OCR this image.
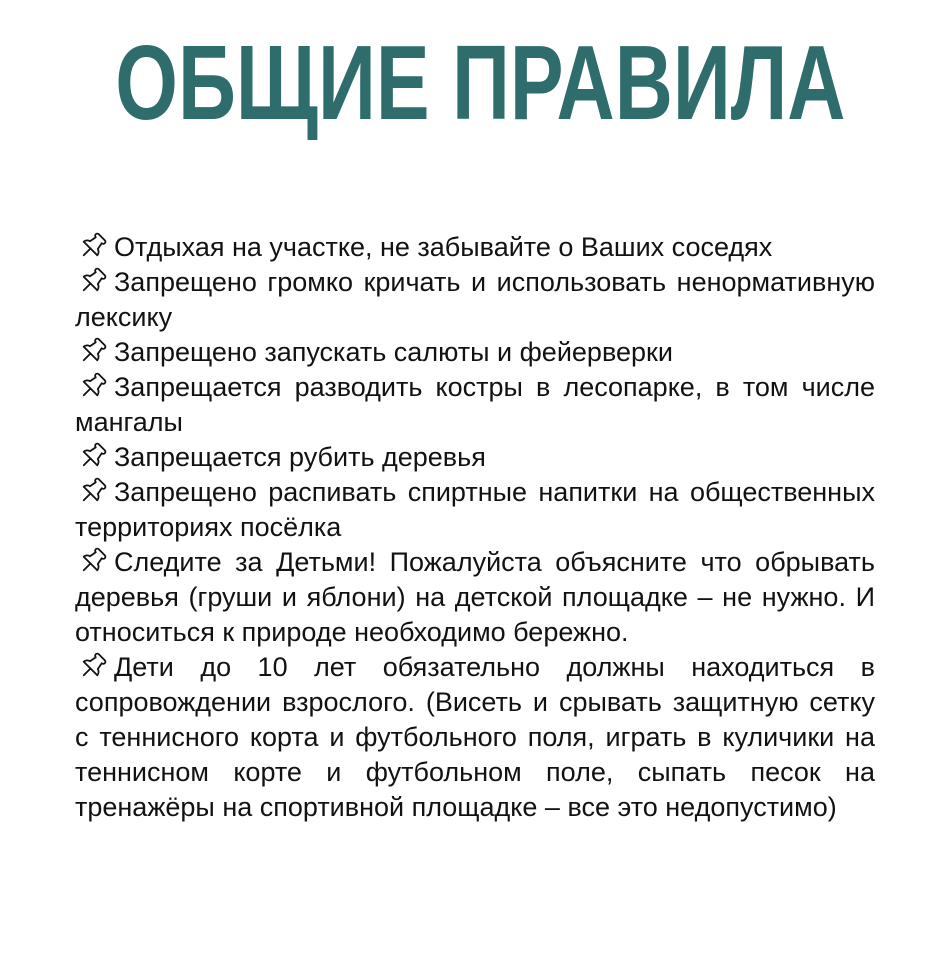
ОБЩИЕ ПРАВИЛА

Отдыхая на участке, не забывайте о Ваших соседях

Запрещено громко кричать и использовать ненормативную лексику

Запрещено запускать салюты и фейерверки

Запрещается разводить костры в лесопарке, в том числе мангалы

Запрещается рубить деревья

Запрещено распивать спиртные напитки на общественных территориях посёлка

Следите за Детьми! Пожалуйста объясните что обрывать деревья (груши и яблони) на детской площадке – не нужно. И относиться к природе необходимо бережно.

Дети до 10 лет обязательно должны находиться в сопровождении взрослого. (Висеть и срывать защитную сетку с теннисного корта и футбольного поля, играть в куличики на теннисном корте и футбольном поле, сыпать песок на тренажёры на спортивной площадке – все это недопустимо)
